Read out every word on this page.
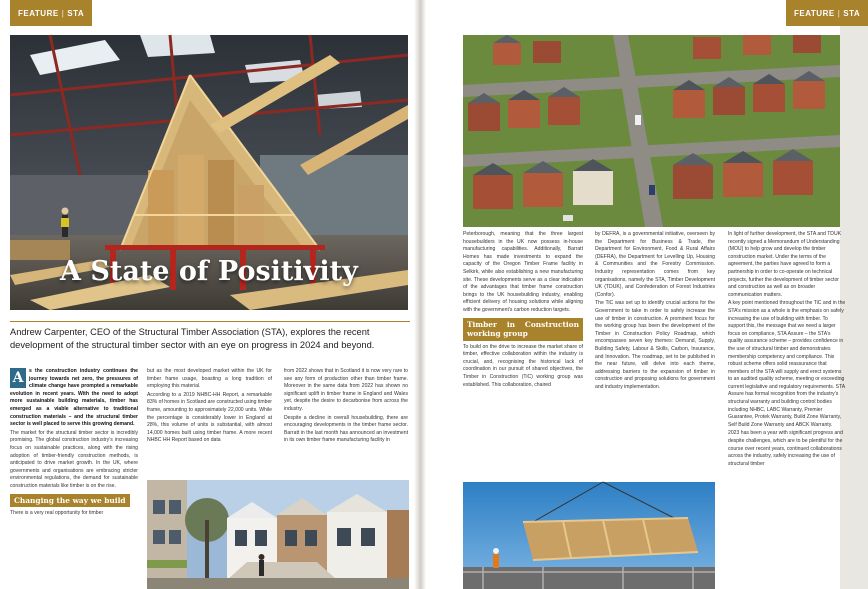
FEATURE | STA
A State of Positivity
Andrew Carpenter, CEO of the Structural Timber Association (STA), explores the recent development of the structural timber sector with an eye on progress in 2024 and beyond.

A	s the construction industry continues the journey towards net zero, the pressures of climate change have prompted a remarkable evolution in recent years. With the need to adopt more sustainable building materials, timber has emerged as a viable alternative to traditional construction materials – and the structural timber sector is well placed to serve this growing demand.

The market for the structural timber sector is incredibly promising. The global construction industry’s increasing focus on sustainable practices, along with the rising adoption of timber-friendly construction methods, is anticipated to drive market growth. In the UK, where governments and organisations are embracing stricter environmental regulations, the demand for sustainable construction materials like timber is on the rise.

Changing the way we build

There is a very real opportunity for timber

but as the most developed market within the UK for timber frame usage, boasting a long tradition of employing this material.

According to a 2019 NHBC-HH Report, a remarkable 83% of homes in Scotland are constructed using timber frame, amounting to approximately 22,000 units. While the percentage is considerably lower in England at 28%, this volume of units is substantial, with almost 14,000 homes built using timber frame. A more recent NHBC HH Report based on data

from 2022 shows that in Scotland it is now very rare to see any form of production other than timber frame. Moreover in the same data from 2022 has shown no significant uplift in timber frame in England and Wales yet, despite the desire to decarbonise from across the industry.

Despite a decline in overall housebuilding, there are encouraging developments in the timber frame sector. Barratt in the last month has announced an investment in its own timber frame manufacturing facility in

FEATURE | STA

Peterborough, meaning that the three largest housebuilders in the UK now possess in-house manufacturing capabilities. Additionally, Barratt Homes has made investments to expand the capacity of the Oregon Timber Frame facility in Selkirk, while also establishing a new manufacturing site. These developments serve as a clear indication of the advantages that timber frame construction brings to the UK housebuilding industry, enabling efficient delivery of housing solutions while aligning with the government’s carbon reduction targets.

Timber in Construction working group

To build on the drive to increase the market share of timber, effective collaboration within the industry is crucial, and, recognising the historical lack of coordination in our pursuit of shared objectives, the Timber in Construction (TiC) working group was established. This collaboration, chaired

by DEFRA, is a governmental initiative, overseen by the Department for Business & Trade, the Department for Environment, Food & Rural Affairs (DEFRA), the Department for Levelling Up, Housing & Communities and the Forestry Commission. Industry representation comes from key organisations, namely the STA, Timber Development UK (TDUK), and Confederation of Forest Industries (Confor).

The TiC was set up to identify crucial actions for the Government to take in order to safely increase the use of timber in construction. A prominent focus for the working group has been the development of the Timber in Construction Policy Roadmap, which encompasses seven key themes: Demand, Supply, Building Safety, Labour & Skills, Carbon, Insurance, and Innovation. The roadmap, set to be published in the near future, will delve into each theme, addressing barriers to the expansion of timber in construction and proposing solutions for government and industry implementation.

In light of further development, the STA and TDUK recently signed a Memorandum of Understanding (MOU) to help grow and develop the timber construction market. Under the terms of the agreement, the parties have agreed to form a partnership in order to co-operate on technical projects, further the development of timber sector and construction as well as on broader communication matters.

A key point mentioned throughout the TiC and in the STA’s mission as a whole is the emphasis on safely increasing the use of building with timber. To support this, the message that we need a larger focus on compliance, STA Assure – the STA’s quality assurance scheme – provides confidence in the use of structural timber and demonstrates membership competency and compliance. This robust scheme offers solid reassurance that members of the STA will supply and erect systems to an audited quality scheme, meeting or exceeding current legislative and regulatory requirements. STA Assure has formal recognition from the industry’s structural warranty and building control bodies including NHBC, LABC Warranty, Premier Guarantee, Protek Warranty, Build Zone Warranty, Self Build Zone Warranty and ABCK Warranty.

2023 has been a year with significant progress and despite challenges, which are to be plentiful for the course over recent years, continued collaborations across the industry, safely increasing the use of structural timber
